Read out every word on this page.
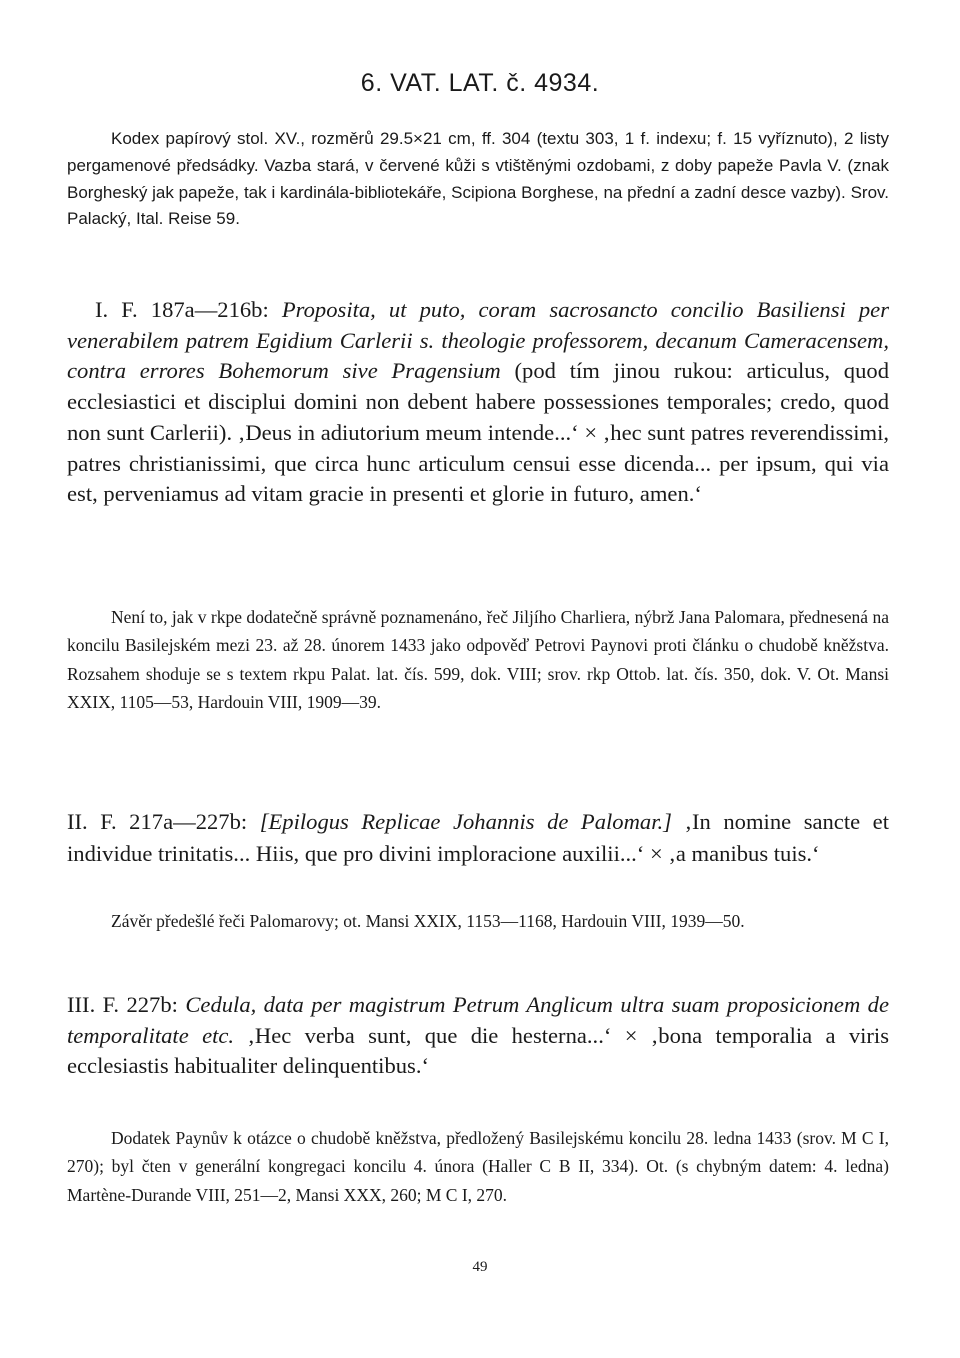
6. VAT. LAT. č. 4934.
Kodex papírový stol. XV., rozměrů 29.5×21 cm, ff. 304 (textu 303, 1 f. indexu; f. 15 vyříznuto), 2 listy pergamenové předsádky. Vazba stará, v červené kůži s vtištěnými ozdobami, z doby papeže Pavla V. (znak Borgheský jak papeže, tak i kardinála-bibliotekáře, Scipiona Borghese, na přední a zadní desce vazby). Srov. Palacký, Ital. Reise 59.
I. F. 187a—216b: Proposita, ut puto, coram sacrosancto concilio Basiliensi per venerabilem patrem Egidium Carlerii s. theologie professorem, decanum Cameracensem, contra errores Bohemorum sive Pragensium (pod tím jinou rukou: articulus, quod ecclesiastici et disciplui domini non debent habere possessiones temporales; credo, quod non sunt Carlerii). ‚Deus in adiutorium meum intende...‘ × ‚hec sunt patres reverendissimi, patres christianissimi, que circa hunc articulum censui esse dicenda... per ipsum, qui via est, perveniamus ad vitam gracie in presenti et glorie in futuro, amen.‘
Není to, jak v rkpe dodatečně správně poznamenáno, řeč Jiljího Charliera, nýbrž Jana Palomara, přednesená na koncilu Basilejském mezi 23. až 28. únorem 1433 jako odpověď Petrovi Paynovi proti článku o chudobě kněžstva. Rozsahem shoduje se s textem rkpu Palat. lat. čís. 599, dok. VIII; srov. rkp Ottob. lat. čís. 350, dok. V. Ot. Mansi XXIX, 1105—53, Hardouin VIII, 1909—39.
II. F. 217a—227b: [Epilogus Replicae Johannis de Palomar.] ‚In nomine sancte et individue trinitatis... Hiis, que pro divini imploracione auxilii...‘ × ‚a manibus tuis.‘
Závěr předešlé řeči Palomarovy; ot. Mansi XXIX, 1153—1168, Hardouin VIII, 1939—50.
III. F. 227b: Cedula, data per magistrum Petrum Anglicum ultra suam proposicionem de temporalitate etc. ‚Hec verba sunt, que die hesterna...‘ × ‚bona temporalia a viris ecclesiastis habitualiter delinquentibus.‘
Dodatek Paynův k otázce o chudobě kněžstva, předložený Basilejskému koncilu 28. ledna 1433 (srov. M C I, 270); byl čten v generální kongregaci koncilu 4. února (Haller C B II, 334). Ot. (s chybným datem: 4. ledna) Martène-Durande VIII, 251—2, Mansi XXX, 260; M C I, 270.
49
